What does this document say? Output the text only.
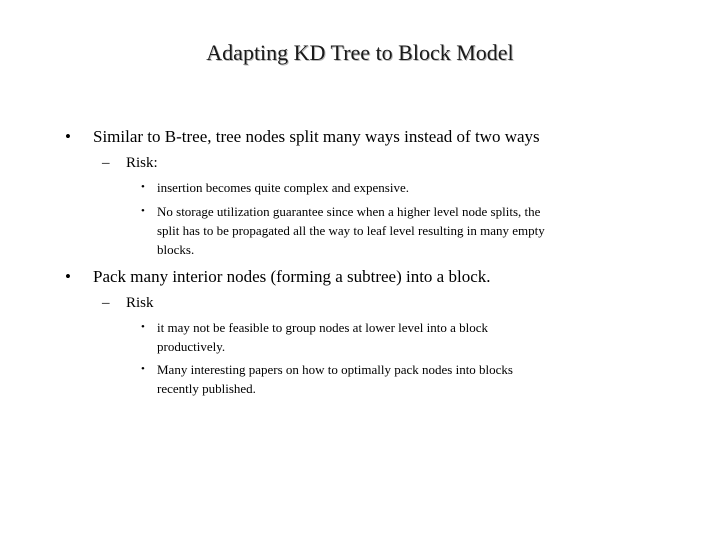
Adapting KD Tree to Block Model
• Similar to B-tree, tree nodes split many ways instead of two ways
– Risk:
• insertion becomes quite complex and expensive.
• No storage utilization guarantee since when a higher level node splits, the
split has to be propagated all the way to leaf level resulting in many empty
blocks.
• Pack many interior nodes (forming a subtree) into a block.
– Risk
• it may not be feasible to group nodes at lower level into a block
productively.
• Many interesting papers on how to optimally pack nodes into blocks
recently published.
